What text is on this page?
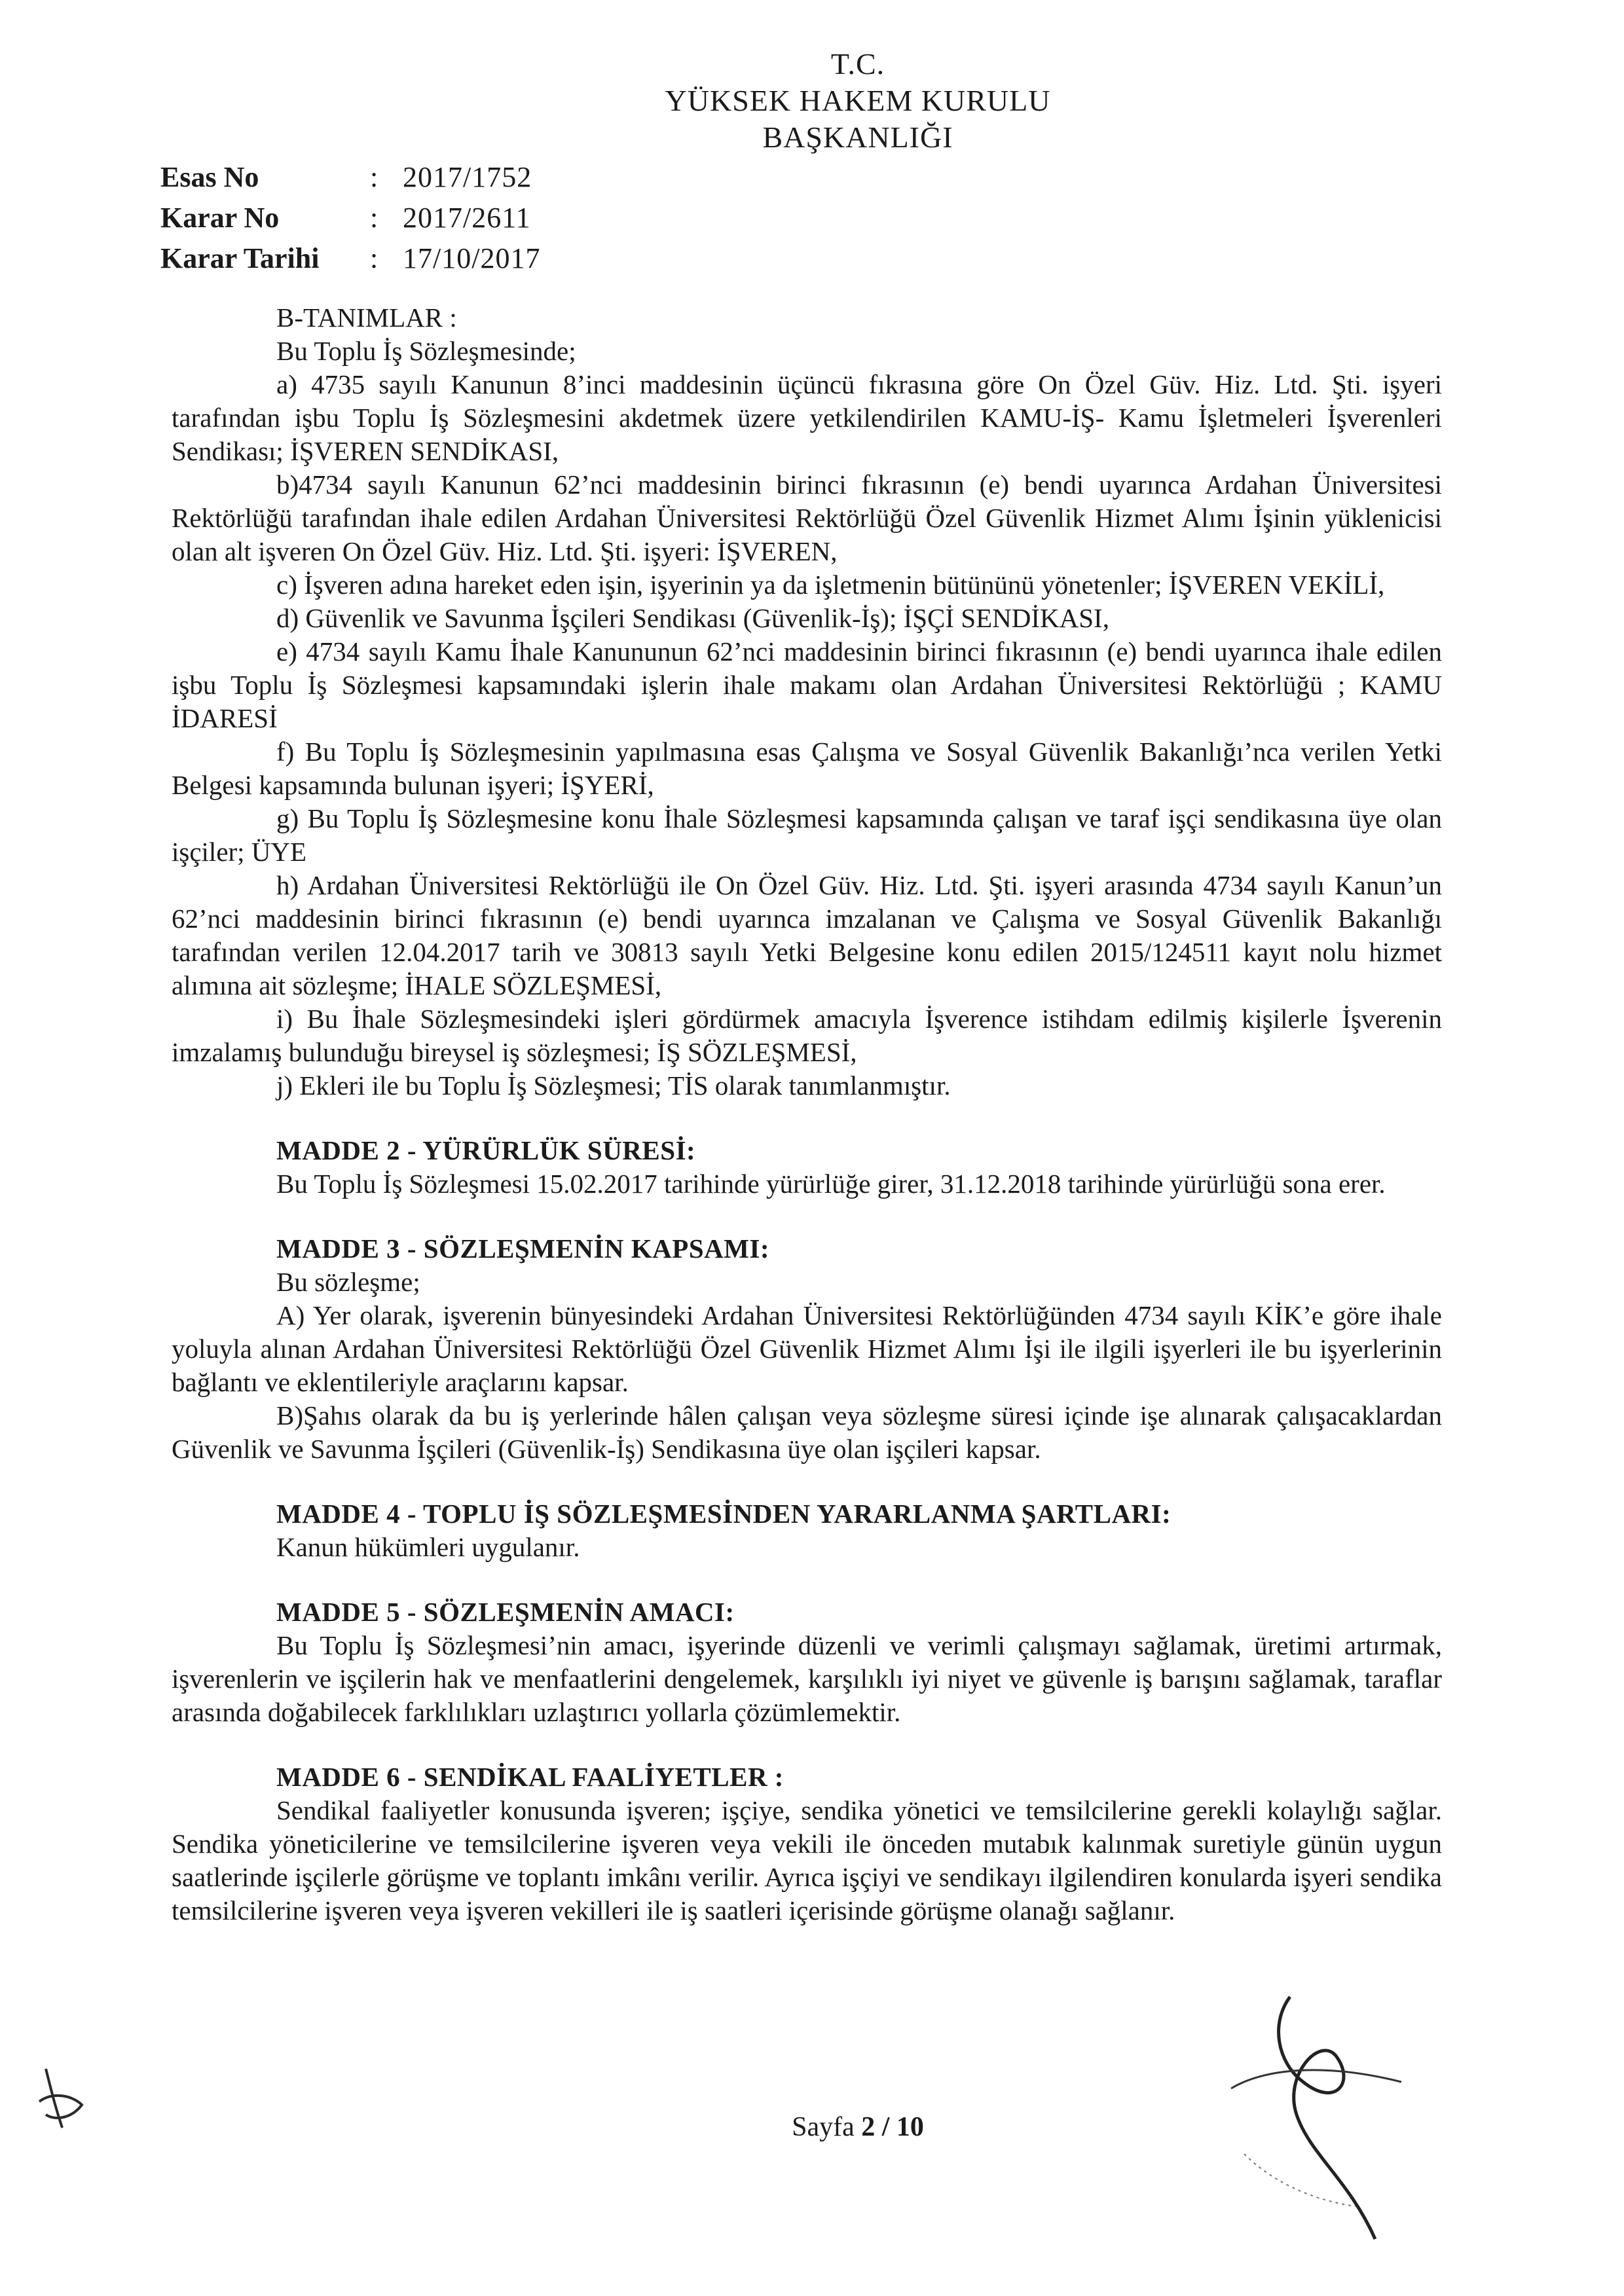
T.C.
YÜKSEK HAKEM KURULU
BAŞKANLIĞI
Esas No	: 2017/1752
Karar No	: 2017/2611
Karar Tarihi	: 17/10/2017

B-TANIMLAR :

Bu Toplu İş Sözleşmesinde;

a) 4735 sayılı Kanunun 8’inci maddesinin üçüncü fıkrasına göre On Özel Güv. Hiz. Ltd. Şti. işyeri tarafından işbu Toplu İş Sözleşmesini akdetmek üzere yetkilendirilen KAMU-İŞ- Kamu İşletmeleri İşverenleri Sendikası; İŞVEREN SENDİKASI,

b)4734 sayılı Kanunun 62’nci maddesinin birinci fıkrasının (e) bendi uyarınca Ardahan Üniversitesi Rektörlüğü tarafından ihale edilen Ardahan Üniversitesi Rektörlüğü Özel Güvenlik Hizmet Alımı İşinin yüklenicisi olan alt işveren On Özel Güv. Hiz. Ltd. Şti. işyeri: İŞVEREN,

c) İşveren adına hareket eden işin, işyerinin ya da işletmenin bütününü yönetenler; İŞVEREN VEKİLİ,

d) Güvenlik ve Savunma İşçileri Sendikası (Güvenlik-İş); İŞÇİ SENDİKASI,

e) 4734 sayılı Kamu İhale Kanununun 62’nci maddesinin birinci fıkrasının (e) bendi uyarınca ihale edilen işbu Toplu İş Sözleşmesi kapsamındaki işlerin ihale makamı olan Ardahan Üniversitesi Rektörlüğü ; KAMU İDARESİ

f) Bu Toplu İş Sözleşmesinin yapılmasına esas Çalışma ve Sosyal Güvenlik Bakanlığı’nca verilen Yetki Belgesi kapsamında bulunan işyeri; İŞYERİ,

g) Bu Toplu İş Sözleşmesine konu İhale Sözleşmesi kapsamında çalışan ve taraf işçi sendikasına üye olan işçiler; ÜYE

h) Ardahan Üniversitesi Rektörlüğü ile On Özel Güv. Hiz. Ltd. Şti. işyeri arasında 4734 sayılı Kanun’un 62’nci maddesinin birinci fıkrasının (e) bendi uyarınca imzalanan ve Çalışma ve Sosyal Güvenlik Bakanlığı tarafından verilen 12.04.2017 tarih ve 30813 sayılı Yetki Belgesine konu edilen 2015/124511 kayıt nolu hizmet alımına ait sözleşme; İHALE SÖZLEŞMESİ,

i) Bu İhale Sözleşmesindeki işleri gördürmek amacıyla İşverence istihdam edilmiş kişilerle İşverenin imzalamış bulunduğu bireysel iş sözleşmesi; İŞ SÖZLEŞMESİ,

j) Ekleri ile bu Toplu İş Sözleşmesi; TİS olarak tanımlanmıştır.

MADDE 2 - YÜRÜRLÜK SÜRESİ:

Bu Toplu İş Sözleşmesi 15.02.2017 tarihinde yürürlüğe girer, 31.12.2018 tarihinde yürürlüğü sona erer.

MADDE 3 - SÖZLEŞMENİN KAPSAMI:

Bu sözleşme;

A) Yer olarak, işverenin bünyesindeki Ardahan Üniversitesi Rektörlüğünden 4734 sayılı KİK’e göre ihale yoluyla alınan Ardahan Üniversitesi Rektörlüğü Özel Güvenlik Hizmet Alımı İşi ile ilgili işyerleri ile bu işyerlerinin bağlantı ve eklentileriyle araçlarını kapsar.

B)Şahıs olarak da bu iş yerlerinde hâlen çalışan veya sözleşme süresi içinde işe alınarak çalışacaklardan Güvenlik ve Savunma İşçileri (Güvenlik-İş) Sendikasına üye olan işçileri kapsar.

MADDE 4 - TOPLU İŞ SÖZLEŞMESİNDEN YARARLANMA ŞARTLARI:

Kanun hükümleri uygulanır.

MADDE 5 - SÖZLEŞMENİN AMACI:

Bu Toplu İş Sözleşmesi’nin amacı, işyerinde düzenli ve verimli çalışmayı sağlamak, üretimi artırmak, işverenlerin ve işçilerin hak ve menfaatlerini dengelemek, karşılıklı iyi niyet ve güvenle iş barışını sağlamak, taraflar arasında doğabilecek farklılıkları uzlaştırıcı yollarla çözümlemektir.

MADDE 6 - SENDİKAL FAALİYETLER :

Sendikal faaliyetler konusunda işveren; işçiye, sendika yönetici ve temsilcilerine gerekli kolaylığı sağlar. Sendika yöneticilerine ve temsilcilerine işveren veya vekili ile önceden mutabık kalınmak suretiyle günün uygun saatlerinde işçilerle görüşme ve toplantı imkânı verilir. Ayrıca işçiyi ve sendikayı ilgilendiren konularda işyeri sendika temsilcilerine işveren veya işveren vekilleri ile iş saatleri içerisinde görüşme olanağı sağlanır.

Sayfa 2 / 10
